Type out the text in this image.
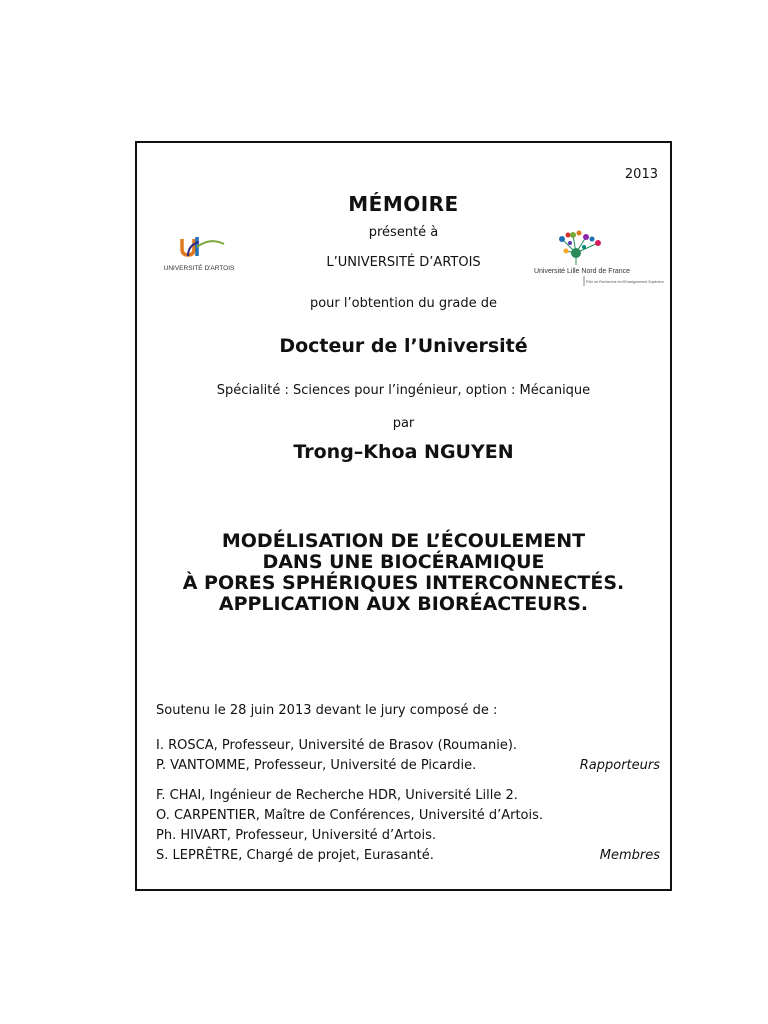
2013
MÉMOIRE
présenté à
L’UNIVERSITÉ D’ARTOIS
UNIVERSITÉ D'ARTOIS	Université Lille Nord de France
Pôle de Recherche et d'Enseignement Supérieur
pour l’obtention du grade de
Docteur de l’Université
Spécialité : Sciences pour l’ingénieur, option : Mécanique
par
Trong–Khoa NGUYEN
MODÉLISATION DE L’ÉCOULEMENT
DANS UNE BIOCÉRAMIQUE
À PORES SPHÉRIQUES INTERCONNECTÉS.
APPLICATION AUX BIORÉACTEURS.
Soutenu le 28 juin 2013 devant le jury composé de :
I. ROSCA, Professeur, Université de Brasov (Roumanie).
P. VANTOMME, Professeur, Université de Picardie.	Rapporteurs
F. CHAI, Ingénieur de Recherche HDR, Université Lille 2.
O. CARPENTIER, Maître de Conférences, Université d’Artois.
Ph. HIVART, Professeur, Université d’Artois.
S. LEPRÊTRE, Chargé de projet, Eurasanté.	Membres
